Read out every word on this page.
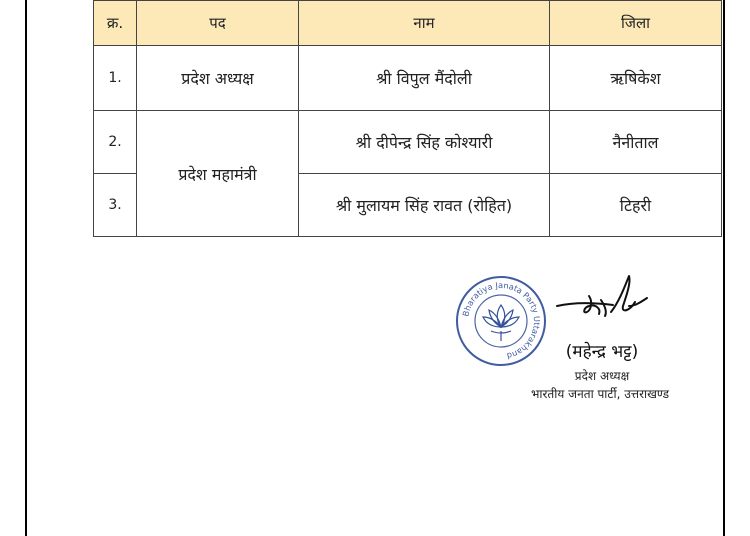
क्र.	पद	नाम	जिला
1.	प्रदेश अध्यक्ष	श्री विपुल मैंदोली	ऋषिकेश
2.	प्रदेश महामंत्री	श्री दीपेन्द्र सिंह कोश्यारी	नैनीताल
3.		श्री मुलायम सिंह रावत (रोहित)	टिहरी
Bharatiya Janata Party Uttarakhand	(महेन्द्र भट्ट)
प्रदेश अध्यक्ष
भारतीय जनता पार्टी, उत्तराखण्ड
